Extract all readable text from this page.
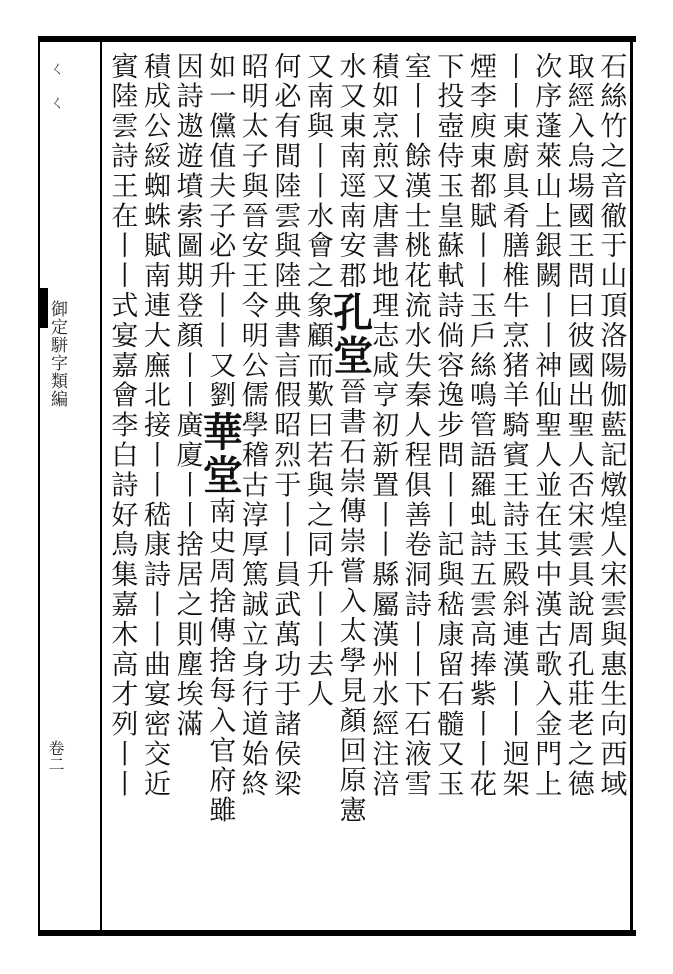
ㄑㄑ
御定駢字類編
卷二	石絲竹之音徹于山頂洛陽伽藍記燉煌人宋雲與惠生向西域
取經入烏場國王問曰彼國出聖人否宋雲具說周孔莊老之德
次序蓬萊山上銀闕丨丨神仙聖人並在其中漢古歌入金門上
丨丨東廚具肴膳椎牛烹猪羊騎賓王詩玉殿斜連漢丨丨迥架
煙李庾東都賦丨丨玉戶絲鳴管語羅虬詩五雲高捧紫丨丨花
下投壺侍玉皇蘇軾詩倘容逸步問丨丨記與嵇康留石髓又玉
室丨丨餘漢士桃花流水失秦人程俱善卷洞詩丨丨下石液雪
積如烹煎又唐書地理志咸亨初新置丨丨縣屬漢州水經注涪
水又東南逕南安郡孔堂晉書石崇傳崇嘗入太學見顏回原憲
又南與丨丨水會之象顧而歎曰若與之同升丨丨去人
何必有間陸雲與陸典書言假昭烈于丨丨員武萬功于諸侯梁
昭明太子與晉安王令明公儒學稽古淳厚篤誠立身行道始終
如一儻值夫子必升丨丨又劉華堂南史周捨傳捨每入官府雖
因詩遨遊墳索圖期登顏丨丨廣廈丨丨捨居之則塵埃滿
積成公綏蜘蛛賦南連大廡北接丨丨嵇康詩丨丨曲宴密交近
賓陸雲詩王在丨丨式宴嘉會李白詩好鳥集嘉木高才列丨丨
